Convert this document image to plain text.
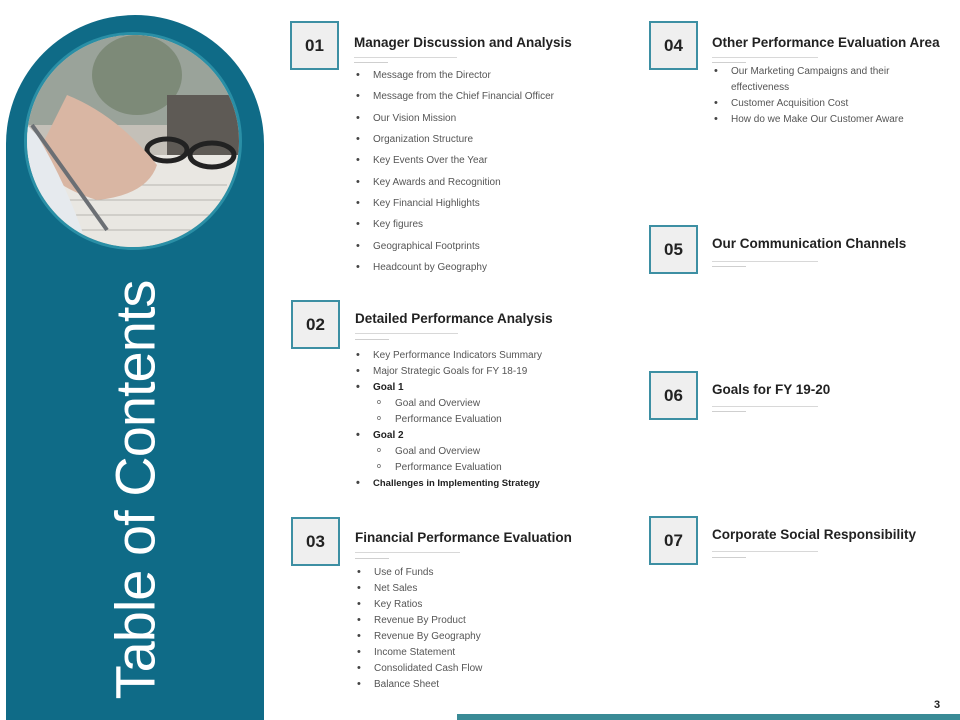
Table of Contents
01	Manager Discussion and Analysis
• Message from the Director
• Message from the Chief Financial Officer
• Our Vision Mission
• Organization Structure
• Key Events Over the Year
• Key Awards and Recognition
• Key Financial Highlights
• Key figures
• Geographical Footprints
• Headcount by Geography
02	Detailed Performance Analysis
• Key Performance Indicators Summary
• Major Strategic Goals for FY 18-19
• Goal 1
o Goal and Overview
o Performance Evaluation
• Goal 2
o Goal and Overview
o Performance Evaluation
• Challenges in Implementing Strategy
03	Financial Performance Evaluation
• Use of Funds
• Net Sales
• Key Ratios
• Revenue By Product
• Revenue By Geography
• Income Statement
• Consolidated Cash Flow
• Balance Sheet
04	Other Performance Evaluation Area
• Our Marketing Campaigns and their
effectiveness
• Customer Acquisition Cost
• How do we Make Our Customer Aware
05	Our Communication Channels
06	Goals for FY 19-20
07	Corporate Social Responsibility
3
